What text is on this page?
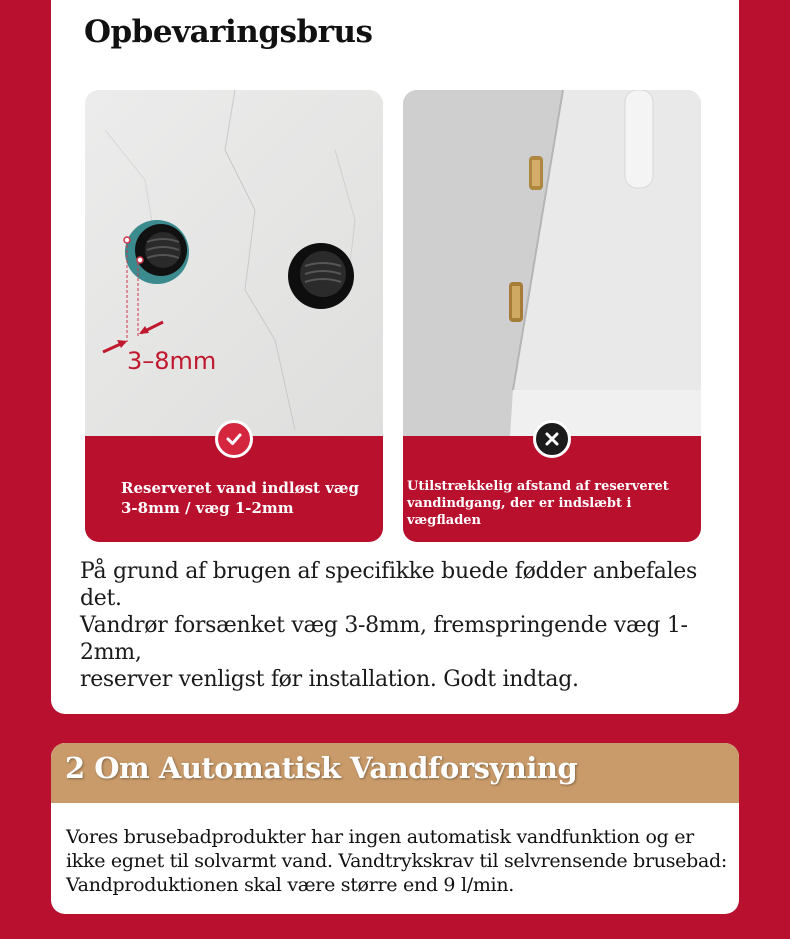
Opbevaringsbrus
3–8mm
Reserveret vand indløst væg
3-8mm / væg 1-2mm
Utilstrækkelig afstand af reserveret
vandindgang, der er indslæbt i vægfladen
På grund af brugen af specifikke buede fødder anbefales det.
Vandrør forsænket væg 3-8mm, fremspringende væg 1-2mm,
reserver venligst før installation. Godt indtag.
2 Om Automatisk Vandforsyning
Vores brusebadprodukter har ingen automatisk vandfunktion og er
ikke egnet til solvarmt vand. Vandtrykskrav til selvrensende brusebad:
Vandproduktionen skal være større end 9 l/min.
